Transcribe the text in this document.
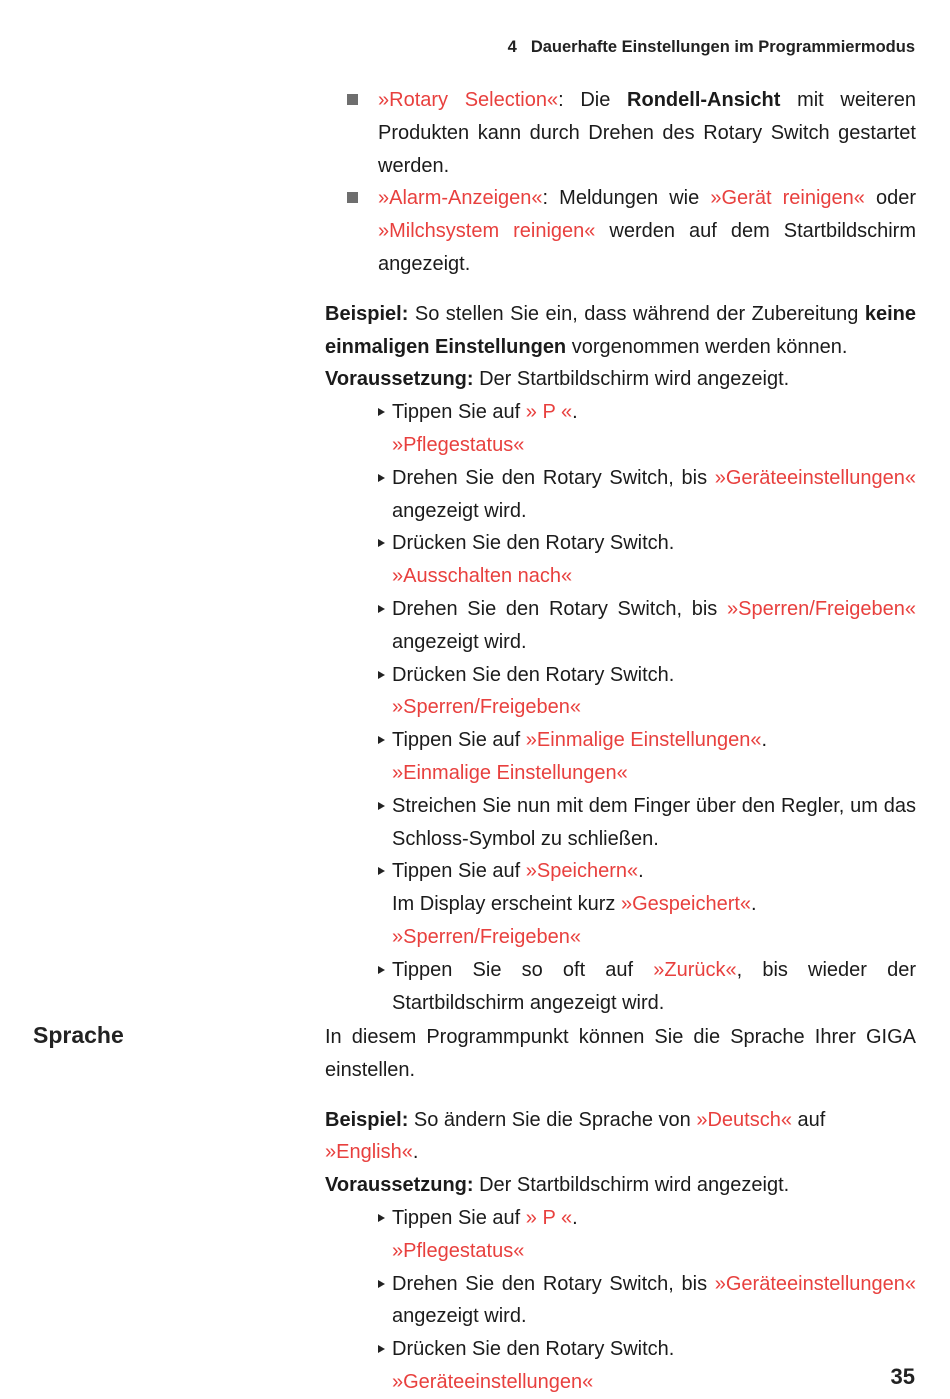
4 Dauerhafte Einstellungen im Programmiermodus
»Rotary Selection«: Die Rondell-Ansicht mit weiteren Produkten kann durch Drehen des Rotary Switch gestartet werden.
»Alarm-Anzeigen«: Meldungen wie »Gerät reinigen« oder »Milchsystem reinigen« werden auf dem Startbildschirm angezeigt.
Beispiel: So stellen Sie ein, dass während der Zubereitung keine einmaligen Einstellungen vorgenommen werden können.
Voraussetzung: Der Startbildschirm wird angezeigt.
Tippen Sie auf » P «.
»Pflegestatus«
Drehen Sie den Rotary Switch, bis »Geräteeinstellungen« angezeigt wird.
Drücken Sie den Rotary Switch.
»Ausschalten nach«
Drehen Sie den Rotary Switch, bis »Sperren/Freigeben« angezeigt wird.
Drücken Sie den Rotary Switch.
»Sperren/Freigeben«
Tippen Sie auf »Einmalige Einstellungen«.
»Einmalige Einstellungen«
Streichen Sie nun mit dem Finger über den Regler, um das Schloss-Symbol zu schließen.
Tippen Sie auf »Speichern«.
Im Display erscheint kurz »Gespeichert«.
»Sperren/Freigeben«
Tippen Sie so oft auf »Zurück«, bis wieder der Startbildschirm angezeigt wird.
Sprache	In diesem Programmpunkt können Sie die Sprache Ihrer GIGA einstellen.
Beispiel: So ändern Sie die Sprache von »Deutsch« auf »English«.
Voraussetzung: Der Startbildschirm wird angezeigt.
Tippen Sie auf » P «.
»Pflegestatus«
Drehen Sie den Rotary Switch, bis »Geräteeinstellungen« angezeigt wird.
Drücken Sie den Rotary Switch.
»Geräteeinstellungen«	35
